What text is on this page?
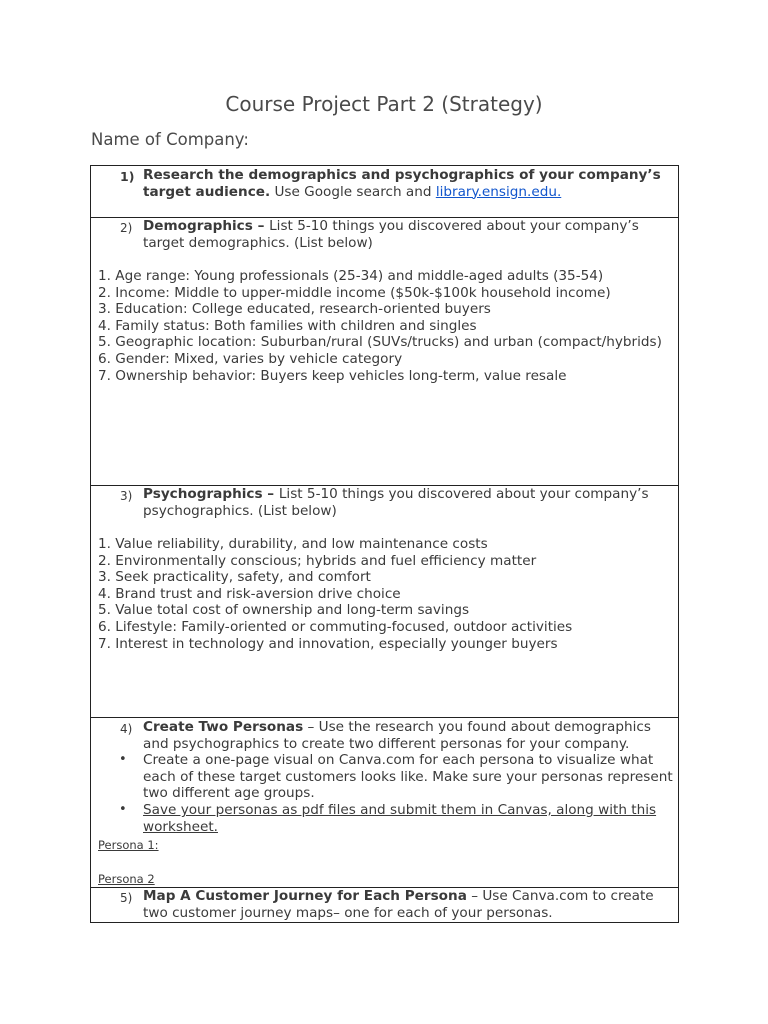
Course Project Part 2 (Strategy)
Name of Company:
1) Research the demographics and psychographics of your company’s target audience. Use Google search and library.ensign.edu.
2) Demographics – List 5-10 things you discovered about your company’s target demographics. (List below)
1. Age range: Young professionals (25-34) and middle-aged adults (35-54)
2. Income: Middle to upper-middle income ($50k-$100k household income)
3. Education: College educated, research-oriented buyers
4. Family status: Both families with children and singles
5. Geographic location: Suburban/rural (SUVs/trucks) and urban (compact/hybrids)
6. Gender: Mixed, varies by vehicle category
7. Ownership behavior: Buyers keep vehicles long-term, value resale
3) Psychographics – List 5-10 things you discovered about your company’s psychographics. (List below)
1. Value reliability, durability, and low maintenance costs
2. Environmentally conscious; hybrids and fuel efficiency matter
3. Seek practicality, safety, and comfort
4. Brand trust and risk-aversion drive choice
5. Value total cost of ownership and long-term savings
6. Lifestyle: Family-oriented or commuting-focused, outdoor activities
7. Interest in technology and innovation, especially younger buyers
4) Create Two Personas – Use the research you found about demographics and psychographics to create two different personas for your company.
• Create a one-page visual on Canva.com for each persona to visualize what each of these target customers looks like. Make sure your personas represent two different age groups.
• Save your personas as pdf files and submit them in Canvas, along with this worksheet.
Persona 1:
Persona 2
5) Map A Customer Journey for Each Persona – Use Canva.com to create two customer journey maps– one for each of your personas.
